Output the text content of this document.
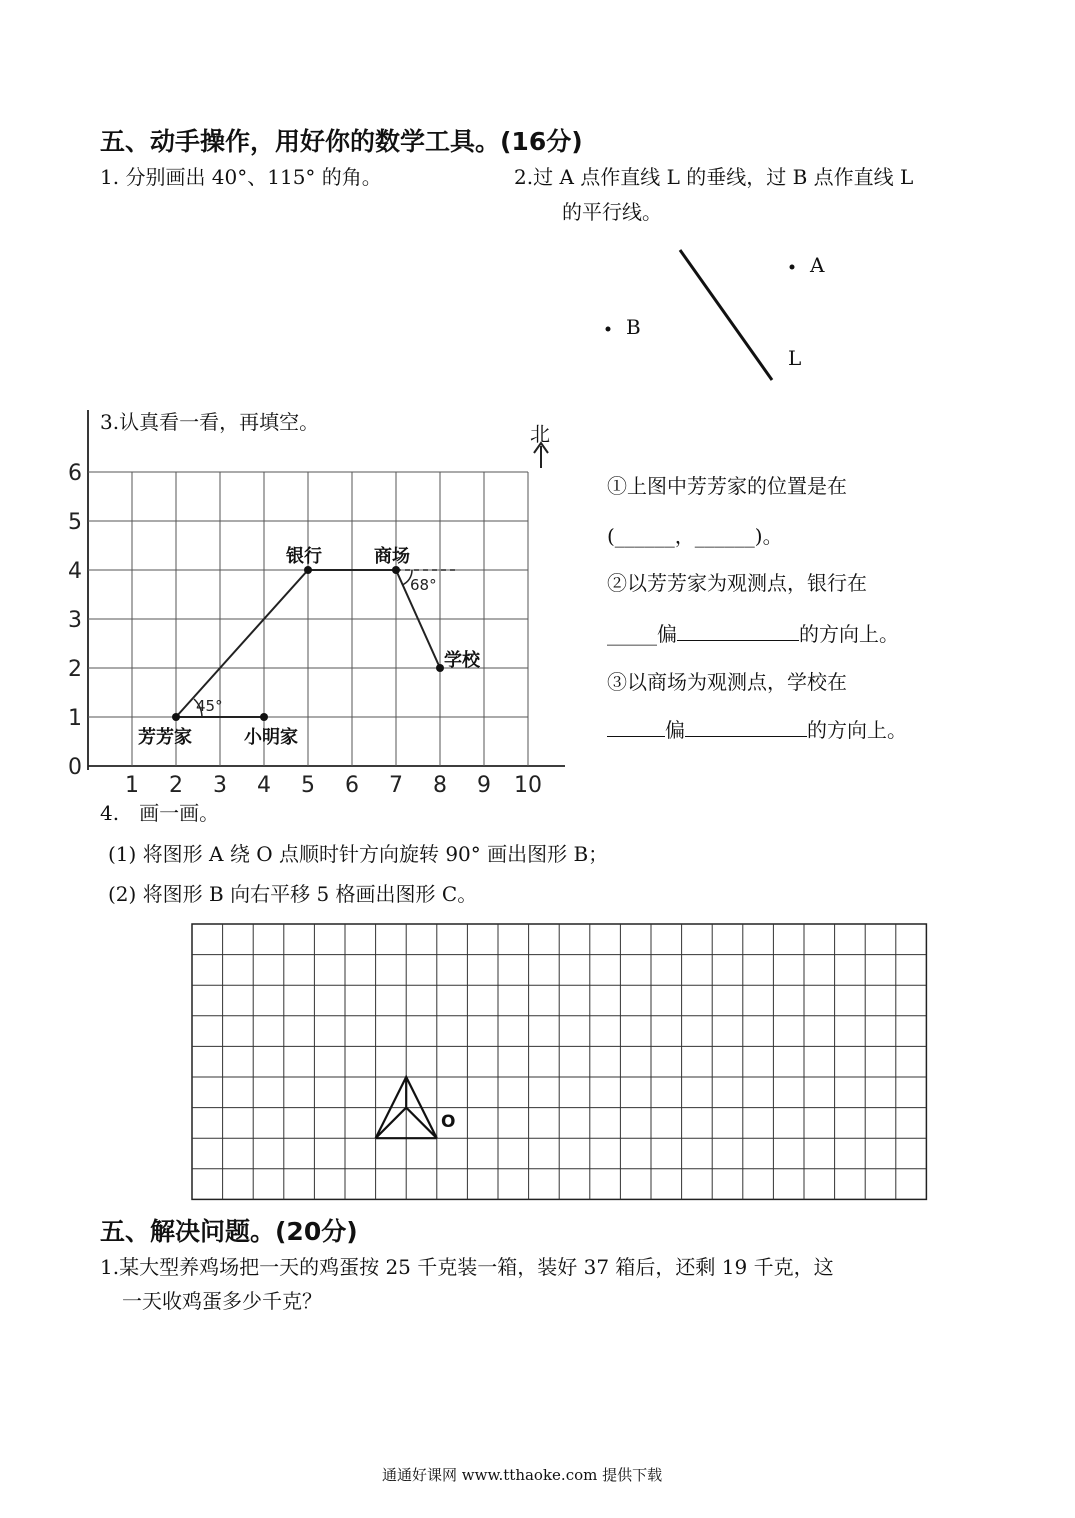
五、动手操作，用好你的数学工具。(16分)
1. 分别画出 40°、115° 的角。	2.过 A 点作直线 L 的垂线，过 B 点作直线 L
的平行线。
A
B
L
3.认真看一看，再填空。
0
1
2
3
4
5
6
1 2 3 4 5 6 7 8 9 10
45°
68°
芳芳家	小明家
银行	商场
学校
北
①上图中芳芳家的位置是在
(______，______)。
②以芳芳家为观测点，银行在
_____偏	的方向上。
③以商场为观测点，学校在
偏	的方向上。
4.　画一画。
(1) 将图形 A 绕 O 点顺时针方向旋转 90° 画出图形 B；
(2) 将图形 B 向右平移 5 格画出图形 C。
O
五、解决问题。(20分)
1.某大型养鸡场把一天的鸡蛋按 25 千克装一箱，装好 37 箱后，还剩 19 千克，这
一天收鸡蛋多少千克？
通通好课网 www.tthaoke.com 提供下载
